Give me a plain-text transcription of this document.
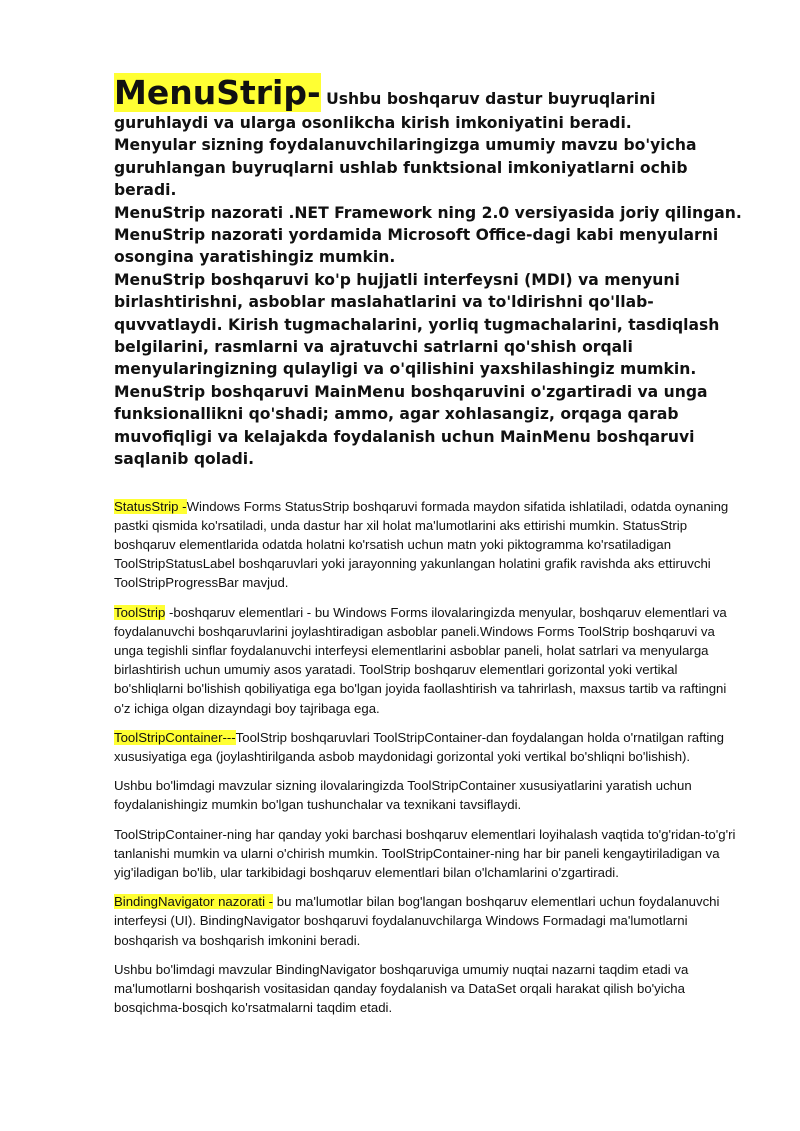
MenuStrip- Ushbu boshqaruv dastur buyruqlarini guruhlaydi va ularga osonlikcha kirish imkoniyatini beradi.

Menyular sizning foydalanuvchilaringizga umumiy mavzu bo'yicha guruhlangan buyruqlarni ushlab funktsional imkoniyatlarni ochib beradi.

MenuStrip nazorati .NET Framework ning 2.0 versiyasida joriy qilingan.

MenuStrip nazorati yordamida Microsoft Office-dagi kabi menyularni osongina yaratishingiz mumkin.

MenuStrip boshqaruvi ko'p hujjatli interfeysni (MDI) va menyuni birlashtirishni, asboblar maslahatlarini va to'ldirishni qo'llab-quvvatlaydi. Kirish tugmachalarini, yorliq tugmachalarini, tasdiqlash belgilarini, rasmlarni va ajratuvchi satrlarni qo'shish orqali menyularingizning qulayligi va o'qilishini yaxshilashingiz mumkin.

MenuStrip boshqaruvi MainMenu boshqaruvini o'zgartiradi va unga funksionallikni qo'shadi; ammo, agar xohlasangiz, orqaga qarab muvofiqligi va kelajakda foydalanish uchun MainMenu boshqaruvi saqlanib qoladi.

StatusStrip -Windows Forms StatusStrip boshqaruvi formada maydon sifatida ishlatiladi, odatda oynaning pastki qismida ko'rsatiladi, unda dastur har xil holat ma'lumotlarini aks ettirishi mumkin. StatusStrip boshqaruv elementlarida odatda holatni ko'rsatish uchun matn yoki piktogramma ko'rsatiladigan ToolStripStatusLabel boshqaruvlari yoki jarayonning yakunlangan holatini grafik ravishda aks ettiruvchi ToolStripProgressBar mavjud.

ToolStrip -boshqaruv elementlari - bu Windows Forms ilovalaringizda menyular, boshqaruv elementlari va foydalanuvchi boshqaruvlarini joylashtiradigan asboblar paneli.Windows Forms ToolStrip boshqaruvi va unga tegishli sinflar foydalanuvchi interfeysi elementlarini asboblar paneli, holat satrlari va menyularga birlashtirish uchun umumiy asos yaratadi. ToolStrip boshqaruv elementlari gorizontal yoki vertikal bo'shliqlarni bo'lishish qobiliyatiga ega bo'lgan joyida faollashtirish va tahrirlash, maxsus tartib va raftingni o'z ichiga olgan dizayndagi boy tajribaga ega.

ToolStripContainer---ToolStrip boshqaruvlari ToolStripContainer-dan foydalangan holda o'rnatilgan rafting xususiyatiga ega (joylashtirilganda asbob maydonidagi gorizontal yoki vertikal bo'shliqni bo'lishish).

Ushbu bo'limdagi mavzular sizning ilovalaringizda ToolStripContainer xususiyatlarini yaratish uchun foydalanishingiz mumkin bo'lgan tushunchalar va texnikani tavsiflaydi.

ToolStripContainer-ning har qanday yoki barchasi boshqaruv elementlari loyihalash vaqtida to'g'ridan-to'g'ri tanlanishi mumkin va ularni o'chirish mumkin. ToolStripContainer-ning har bir paneli kengaytiriladigan va yig'iladigan bo'lib, ular tarkibidagi boshqaruv elementlari bilan o'lchamlarini o'zgartiradi.

BindingNavigator nazorati - bu ma'lumotlar bilan bog'langan boshqaruv elementlari uchun foydalanuvchi interfeysi (UI). BindingNavigator boshqaruvi foydalanuvchilarga Windows Formadagi ma'lumotlarni boshqarish va boshqarish imkonini beradi.

Ushbu bo'limdagi mavzular BindingNavigator boshqaruviga umumiy nuqtai nazarni taqdim etadi va ma'lumotlarni boshqarish vositasidan qanday foydalanish va DataSet orqali harakat qilish bo'yicha bosqichma-bosqich ko'rsatmalarni taqdim etadi.
